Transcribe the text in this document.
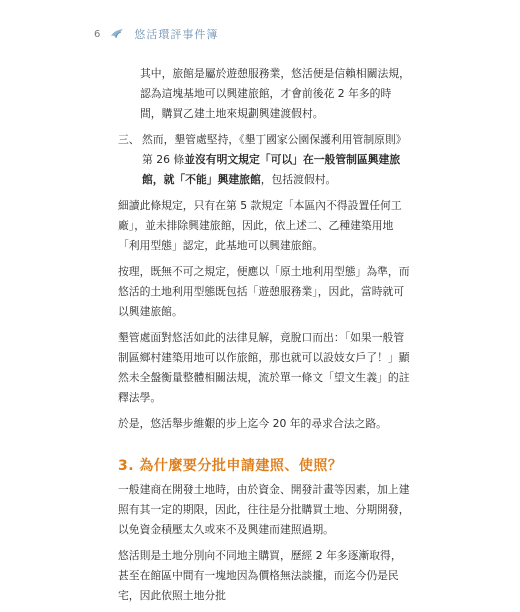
6	悠活環評事件簿

其中，旅館是屬於遊憩服務業，悠活便是信賴相關法規，認為這塊基地可以興建旅館，才會前後花 2 年多的時間，購買乙建土地來規劃興建渡假村。

三、 然而，墾管處堅持，《墾丁國家公園保護利用管制原則》第 26 條並沒有明文規定「可以」在一般管制區興建旅館，就「不能」興建旅館，包括渡假村。

細讀此條規定，只有在第 5 款規定「本區內不得設置任何工廠」，並未排除興建旅館，因此，依上述二、乙種建築用地「利用型態」認定，此基地可以興建旅館。

按理，既無不可之規定，便應以「原土地利用型態」為準，而悠活的土地利用型態既包括「遊憩服務業」，因此，當時就可以興建旅館。

墾管處面對悠活如此的法律見解，竟脫口而出：「如果一般管制區鄉村建築用地可以作旅館，那也就可以設妓女戶了！」顯然未全盤衡量整體相關法規，流於單一條文「望文生義」的註釋法學。

於是，悠活舉步維艱的步上迄今 20 年的尋求合法之路。

3. 為什麼要分批申請建照、使照？

一般建商在開發土地時，由於資金、開發計畫等因素，加上建照有其一定的期限，因此，往往是分批購買土地、分期開發，以免資金積壓太久或來不及興建而建照過期。

悠活則是土地分別向不同地主購買，歷經 2 年多逐漸取得，甚至在館區中間有一塊地因為價格無法談攏，而迄今仍是民宅，因此依照土地分批
